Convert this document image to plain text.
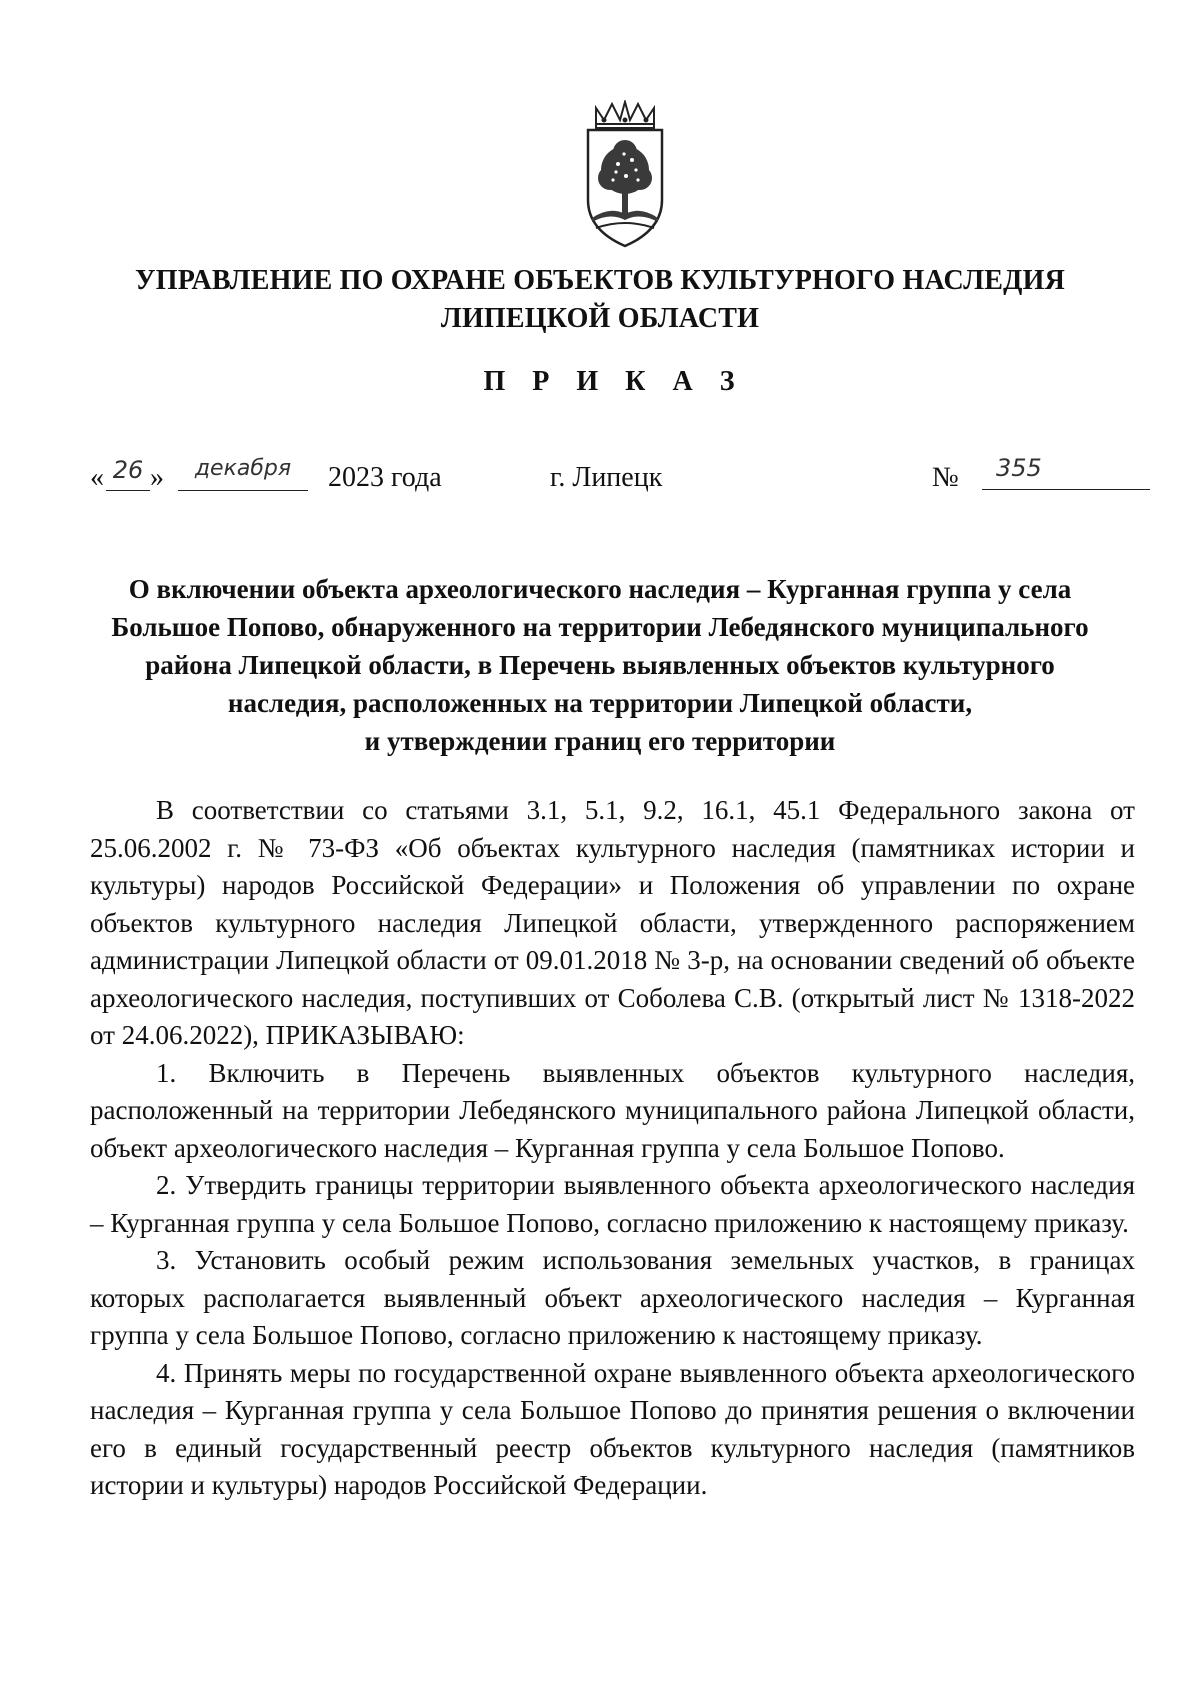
УПРАВЛЕНИЕ ПО ОХРАНЕ ОБЪЕКТОВ КУЛЬТУРНОГО НАСЛЕДИЯ
ЛИПЕЦКОЙ ОБЛАСТИ
П Р И К А З
« 26 »	декабря	2023 года	г. Липецк	№	355
О включении объекта археологического наследия – Курганная группа у села
Большое Попово, обнаруженного на территории Лебедянского муниципального
района Липецкой области, в Перечень выявленных объектов культурного
наследия, расположенных на территории Липецкой области,
и утверждении границ его территории

В соответствии со статьями 3.1, 5.1, 9.2, 16.1, 45.1 Федерального закона от 25.06.2002 г. № 73-ФЗ «Об объектах культурного наследия (памятниках истории и культуры) народов Российской Федерации» и Положения об управлении по охране объектов культурного наследия Липецкой области, утвержденного распоряжением администрации Липецкой области от 09.01.2018 № 3-р, на основании сведений об объекте археологического наследия, поступивших от Соболева С.В. (открытый лист № 1318-2022 от 24.06.2022), ПРИКАЗЫВАЮ:

1. Включить в Перечень выявленных объектов культурного наследия, расположенный на территории Лебедянского муниципального района Липецкой области, объект археологического наследия – Курганная группа у села Большое Попово.

2. Утвердить границы территории выявленного объекта археологического наследия – Курганная группа у села Большое Попово, согласно приложению к настоящему приказу.

3. Установить особый режим использования земельных участков, в границах которых располагается выявленный объект археологического наследия – Курганная группа у села Большое Попово, согласно приложению к настоящему приказу.

4. Принять меры по государственной охране выявленного объекта археологического наследия – Курганная группа у села Большое Попово до принятия решения о включении его в единый государственный реестр объектов культурного наследия (памятников истории и культуры) народов Российской Федерации.
